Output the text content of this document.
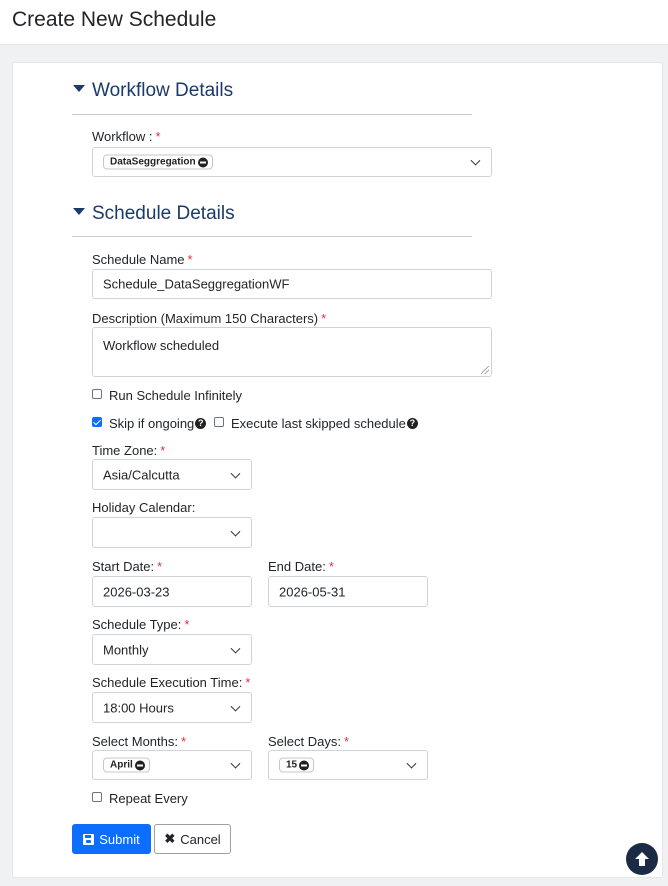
Create New Schedule
Workflow Details
Workflow : *
DataSeggregation
Schedule Details
Schedule Name *
Schedule_DataSeggregationWF
Description (Maximum 150 Characters) *
Workflow scheduled
Run Schedule Infinitely
Skip if ongoing ? Execute last skipped schedule ?
Time Zone: *
Asia/Calcutta
Holiday Calendar:
Start Date: *
2026-03-23
End Date: *
2026-05-31
Schedule Type: *
Monthly
Schedule Execution Time: *
18:00 Hours
Select Months: *
April
Select Days: *
15
Repeat Every
Submit ✖ Cancel
